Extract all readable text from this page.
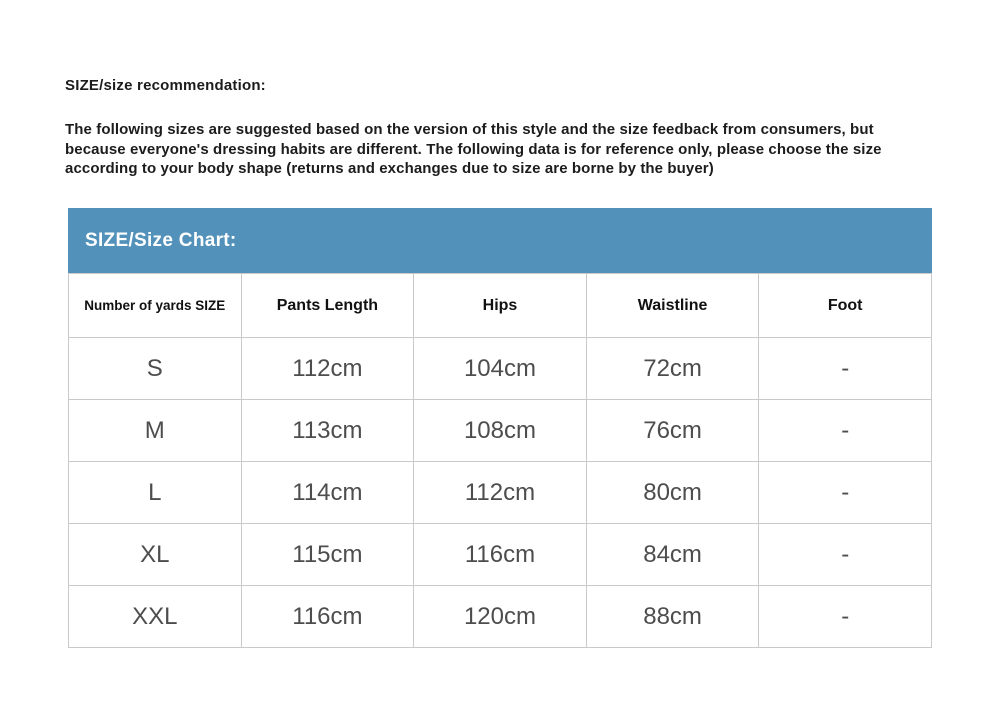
SIZE/size recommendation:
The following sizes are suggested based on the version of this style and the size feedback from consumers, but because everyone's dressing habits are different. The following data is for reference only, please choose the size according to your body shape (returns and exchanges due to size are borne by the buyer)
SIZE/Size Chart:
Number of yards SIZE	Pants Length	Hips	Waistline	Foot
S	112cm	104cm	72cm	-
M	113cm	108cm	76cm	-
L	114cm	112cm	80cm	-
XL	115cm	116cm	84cm	-
XXL	116cm	120cm	88cm	-
